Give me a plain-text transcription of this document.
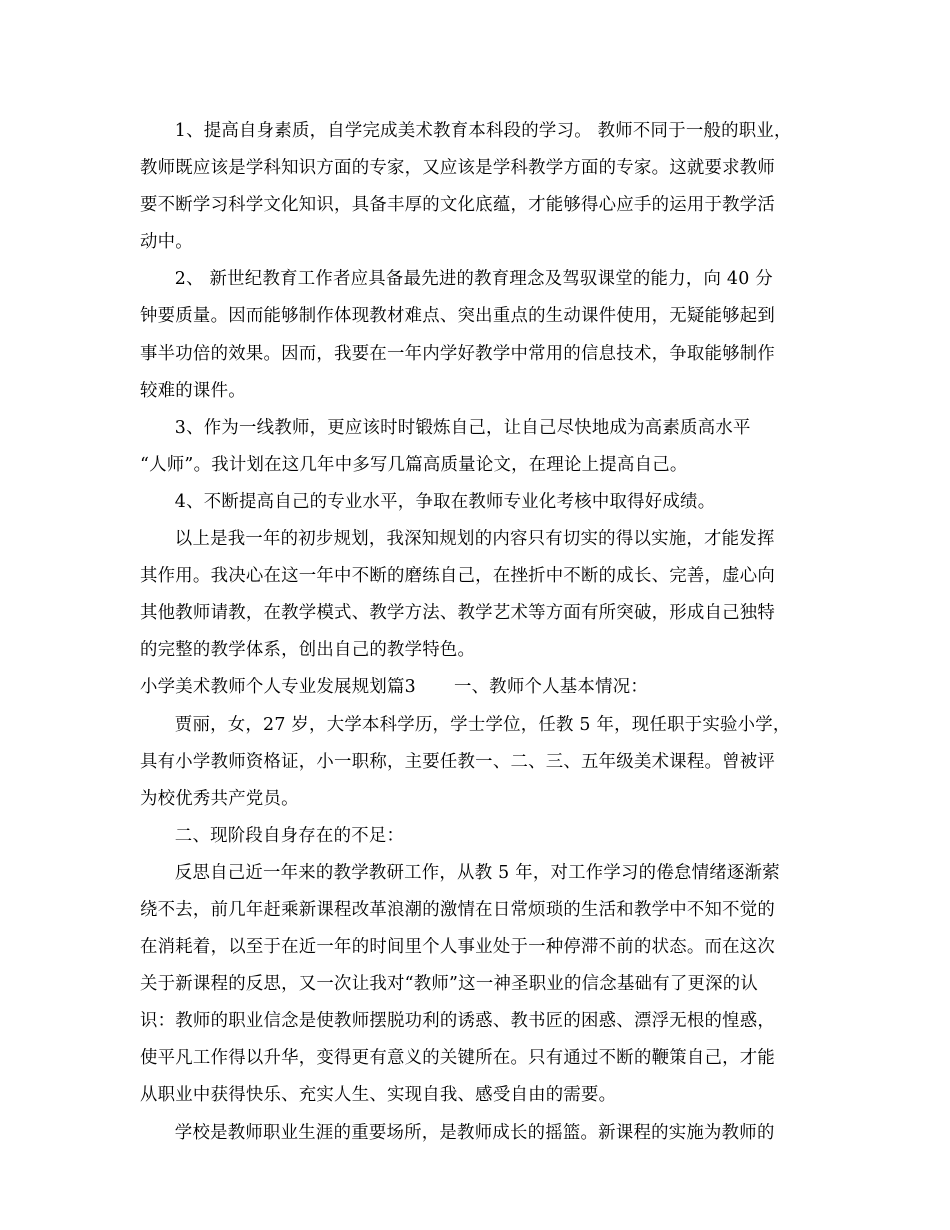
1、提高自身素质，自学完成美术教育本科段的学习。 教师不同于一般的职业，
教师既应该是学科知识方面的专家，又应该是学科教学方面的专家。这就要求教师
要不断学习科学文化知识，具备丰厚的文化底蕴，才能够得心应手的运用于教学活
动中。

2、 新世纪教育工作者应具备最先进的教育理念及驾驭课堂的能力，向 40 分
钟要质量。因而能够制作体现教材难点、突出重点的生动课件使用，无疑能够起到
事半功倍的效果。因而，我要在一年内学好教学中常用的信息技术，争取能够制作
较难的课件。

3、作为一线教师，更应该时时锻炼自己，让自己尽快地成为高素质高水平
“人师”。我计划在这几年中多写几篇高质量论文，在理论上提高自己。

4、不断提高自己的专业水平，争取在教师专业化考核中取得好成绩。

以上是我一年的初步规划，我深知规划的内容只有切实的得以实施，才能发挥
其作用。我决心在这一年中不断的磨练自己，在挫折中不断的成长、完善，虚心向
其他教师请教，在教学模式、教学方法、教学艺术等方面有所突破，形成自己独特
的完整的教学体系，创出自己的教学特色。

小学美术教师个人专业发展规划篇3 一、教师个人基本情况：

贾丽，女，27 岁，大学本科学历，学士学位，任教 5 年，现任职于实验小学，
具有小学教师资格证，小一职称，主要任教一、二、三、五年级美术课程。曾被评
为校优秀共产党员。

二、现阶段自身存在的不足：

反思自己近一年来的教学教研工作，从教 5 年，对工作学习的倦怠情绪逐渐萦
绕不去，前几年赶乘新课程改革浪潮的激情在日常烦琐的生活和教学中不知不觉的
在消耗着，以至于在近一年的时间里个人事业处于一种停滞不前的状态。而在这次
关于新课程的反思，又一次让我对“教师”这一神圣职业的信念基础有了更深的认
识：教师的职业信念是使教师摆脱功利的诱惑、教书匠的困惑、漂浮无根的惶惑，
使平凡工作得以升华，变得更有意义的关键所在。只有通过不断的鞭策自己，才能
从职业中获得快乐、充实人生、实现自我、感受自由的需要。

学校是教师职业生涯的重要场所，是教师成长的摇篮。新课程的实施为教师的
